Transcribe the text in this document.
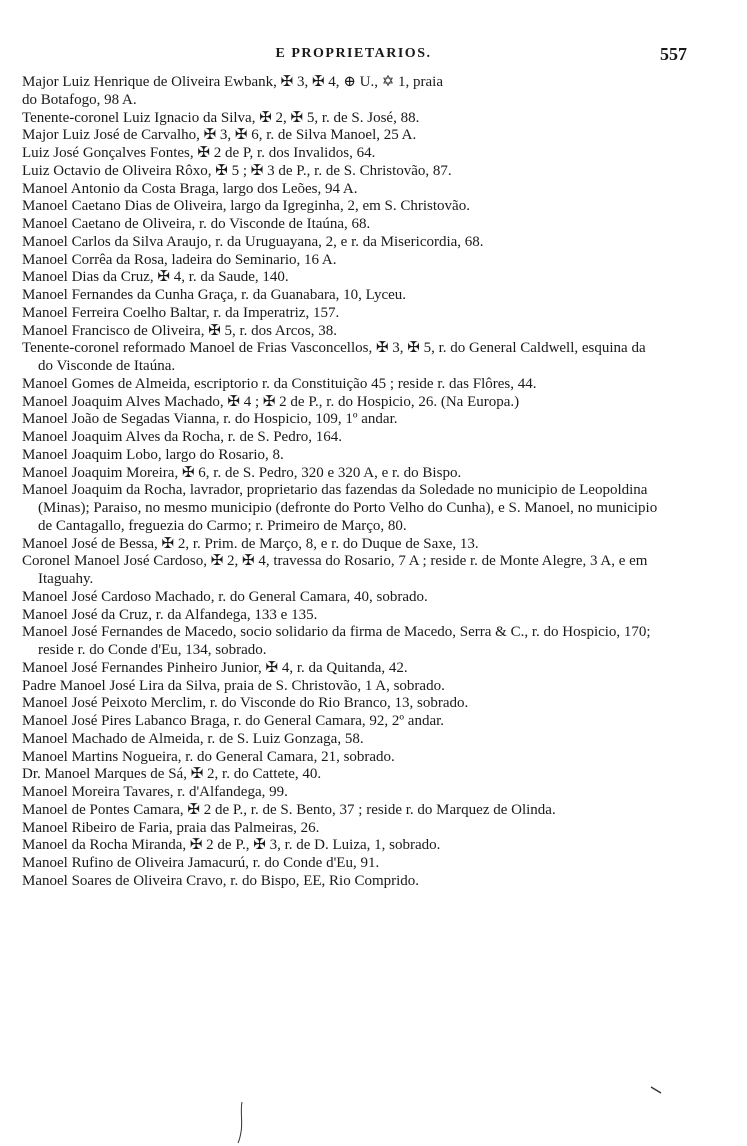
E PROPRIETARIOS.	557
Major Luiz Henrique de Oliveira Ewbank, ✠ 3, ✠ 4, ⊕ U., ✡ 1, praia
do Botafogo, 98 A.
Tenente-coronel Luiz Ignacio da Silva, ✠ 2, ✠ 5, r. de S. José, 88.
Major Luiz José de Carvalho, ✠ 3, ✠ 6, r. de Silva Manoel, 25 A.
Luiz José Gonçalves Fontes, ✠ 2 de P, r. dos Invalidos, 64.
Luiz Octavio de Oliveira Rôxo, ✠ 5 ; ✠ 3 de P., r. de S. Christovão, 87.
Manoel Antonio da Costa Braga, largo dos Leões, 94 A.
Manoel Caetano Dias de Oliveira, largo da Igreginha, 2, em S. Christovão.
Manoel Caetano de Oliveira, r. do Visconde de Itaúna, 68.
Manoel Carlos da Silva Araujo, r. da Uruguayana, 2, e r. da Misericordia, 68.
Manoel Corrêa da Rosa, ladeira do Seminario, 16 A.
Manoel Dias da Cruz, ✠ 4, r. da Saude, 140.
Manoel Fernandes da Cunha Graça, r. da Guanabara, 10, Lyceu.
Manoel Ferreira Coelho Baltar, r. da Imperatriz, 157.
Manoel Francisco de Oliveira, ✠ 5, r. dos Arcos, 38.
Tenente-coronel reformado Manoel de Frias Vasconcellos, ✠ 3, ✠ 5, r. do General Caldwell, esquina da do Visconde de Itaúna.
Manoel Gomes de Almeida, escriptorio r. da Constituição 45 ; reside r. das Flôres, 44.
Manoel Joaquim Alves Machado, ✠ 4 ; ✠ 2 de P., r. do Hospicio, 26. (Na Europa.)
Manoel João de Segadas Vianna, r. do Hospicio, 109, 1º andar.
Manoel Joaquim Alves da Rocha, r. de S. Pedro, 164.
Manoel Joaquim Lobo, largo do Rosario, 8.
Manoel Joaquim Moreira, ✠ 6, r. de S. Pedro, 320 e 320 A, e r. do Bispo.
Manoel Joaquim da Rocha, lavrador, proprietario das fazendas da Soledade no municipio de Leopoldina (Minas); Paraiso, no mesmo municipio (defronte do Porto Velho do Cunha), e S. Manoel, no municipio de Cantagallo, freguezia do Carmo; r. Primeiro de Março, 80.
Manoel José de Bessa, ✠ 2, r. Prim. de Março, 8, e r. do Duque de Saxe, 13.
Coronel Manoel José Cardoso, ✠ 2, ✠ 4, travessa do Rosario, 7 A ; reside r. de Monte Alegre, 3 A, e em Itaguahy.
Manoel José Cardoso Machado, r. do General Camara, 40, sobrado.
Manoel José da Cruz, r. da Alfandega, 133 e 135.
Manoel José Fernandes de Macedo, socio solidario da firma de Macedo, Serra & C., r. do Hospicio, 170; reside r. do Conde d'Eu, 134, sobrado.
Manoel José Fernandes Pinheiro Junior, ✠ 4, r. da Quitanda, 42.
Padre Manoel José Lira da Silva, praia de S. Christovão, 1 A, sobrado.
Manoel José Peixoto Merclim, r. do Visconde do Rio Branco, 13, sobrado.
Manoel José Pires Labanco Braga, r. do General Camara, 92, 2º andar.
Manoel Machado de Almeida, r. de S. Luiz Gonzaga, 58.
Manoel Martins Nogueira, r. do General Camara, 21, sobrado.
Dr. Manoel Marques de Sá, ✠ 2, r. do Cattete, 40.
Manoel Moreira Tavares, r. d'Alfandega, 99.
Manoel de Pontes Camara, ✠ 2 de P., r. de S. Bento, 37 ; reside r. do Marquez de Olinda.
Manoel Ribeiro de Faria, praia das Palmeiras, 26.
Manoel da Rocha Miranda, ✠ 2 de P., ✠ 3, r. de D. Luiza, 1, sobrado.
Manoel Rufino de Oliveira Jamacurú, r. do Conde d'Eu, 91.
Manoel Soares de Oliveira Cravo, r. do Bispo, EE, Rio Comprido.
